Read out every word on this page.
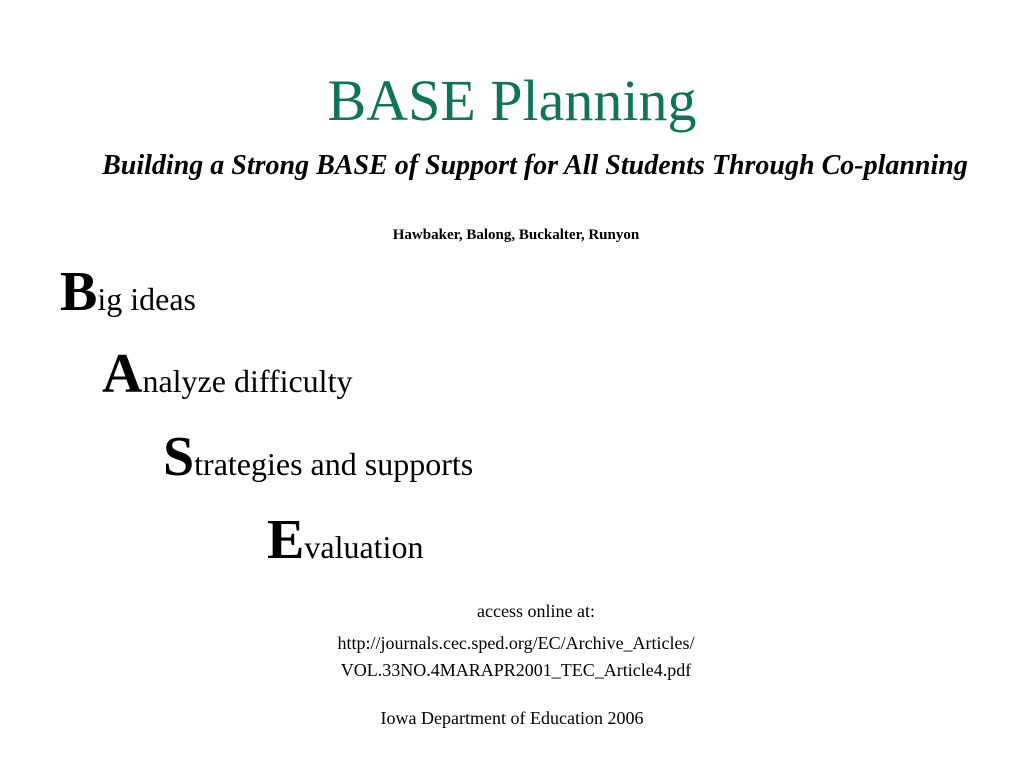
BASE Planning

Building a Strong BASE of Support for All Students Through Co-planning

Hawbaker, Balong, Buckalter, Runyon

Big ideas
Analyze difficulty
Strategies and supports
Evaluation
access online at:
http://journals.cec.sped.org/EC/Archive_Articles/
VOL.33NO.4MARAPR2001_TEC_Article4.pdf
Iowa Department of Education 2006
